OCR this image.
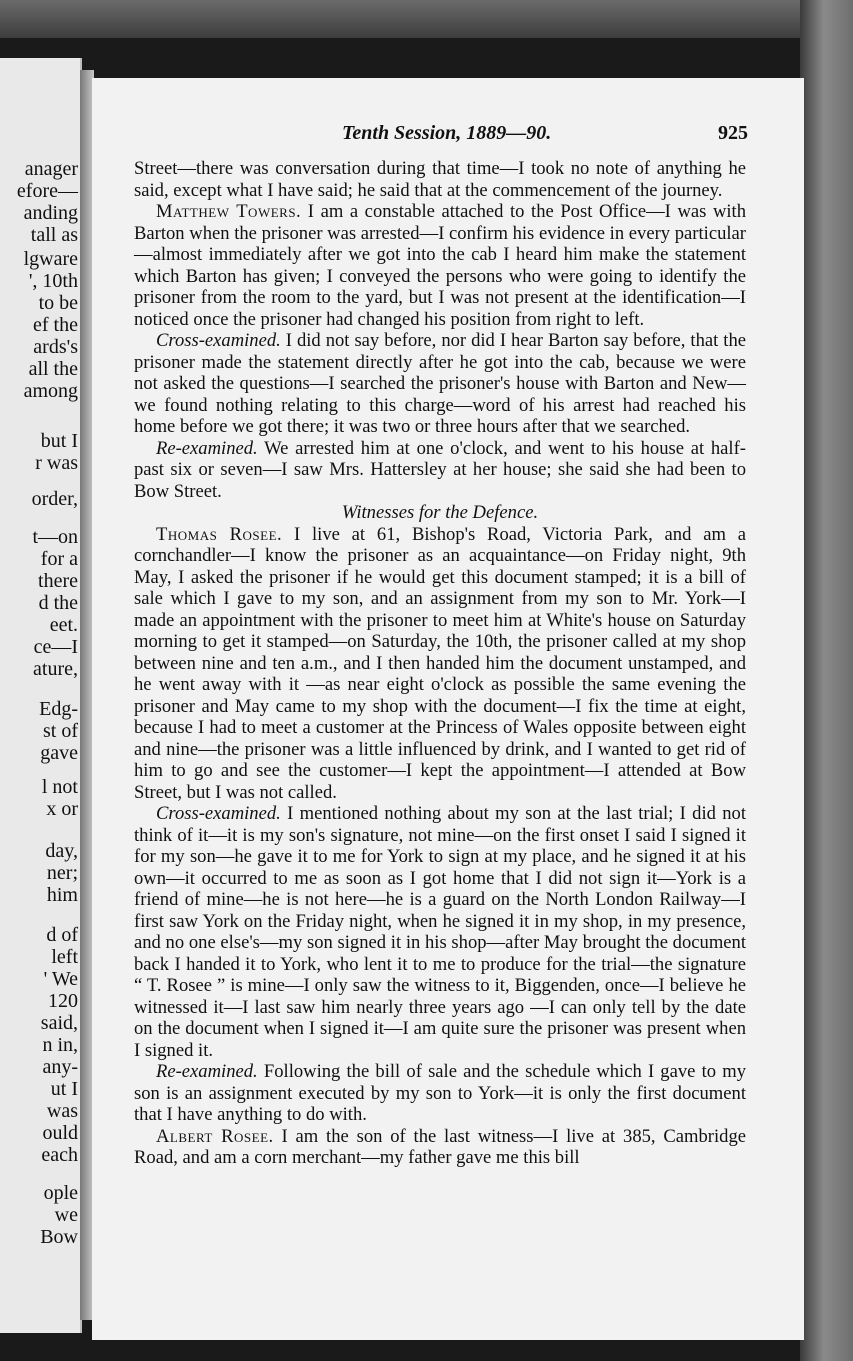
anager
efore—
anding
tall as
lgware
', 10th
to be
ef the
ards's
all the
among
but I
r was
order,
t—on
for a
there
d the
eet.
ce—I
ature,
Edg-
st of
gave
l not
x or
day,
ner;
him
d of
left
' We
120
said,
n in,
any-
ut I
was
ould
each
ople
we
Bow
Tenth Session, 1889—90.	925

Street—there was conversation during that time—I took no note of anything he said, except what I have said; he said that at the commencement of the journey.

Matthew Towers. I am a constable attached to the Post Office—I was with Barton when the prisoner was arrested—I confirm his evidence in every particular—almost immediately after we got into the cab I heard him make the statement which Barton has given; I conveyed the persons who were going to identify the prisoner from the room to the yard, but I was not present at the identification—I noticed once the prisoner had changed his position from right to left.

Cross-examined. I did not say before, nor did I hear Barton say before, that the prisoner made the statement directly after he got into the cab, because we were not asked the questions—I searched the prisoner's house with Barton and New—we found nothing relating to this charge—word of his arrest had reached his home before we got there; it was two or three hours after that we searched.

Re-examined. We arrested him at one o'clock, and went to his house at half-past six or seven—I saw Mrs. Hattersley at her house; she said she had been to Bow Street.

Witnesses for the Defence.

Thomas Rosee. I live at 61, Bishop's Road, Victoria Park, and am a cornchandler—I know the prisoner as an acquaintance—on Friday night, 9th May, I asked the prisoner if he would get this document stamped; it is a bill of sale which I gave to my son, and an assignment from my son to Mr. York—I made an appointment with the prisoner to meet him at White's house on Saturday morning to get it stamped—on Saturday, the 10th, the prisoner called at my shop between nine and ten a.m., and I then handed him the document unstamped, and he went away with it —as near eight o'clock as possible the same evening the prisoner and May came to my shop with the document—I fix the time at eight, because I had to meet a customer at the Princess of Wales opposite between eight and nine—the prisoner was a little influenced by drink, and I wanted to get rid of him to go and see the customer—I kept the appointment—I attended at Bow Street, but I was not called.

Cross-examined. I mentioned nothing about my son at the last trial; I did not think of it—it is my son's signature, not mine—on the first onset I said I signed it for my son—he gave it to me for York to sign at my place, and he signed it at his own—it occurred to me as soon as I got home that I did not sign it—York is a friend of mine—he is not here—he is a guard on the North London Railway—I first saw York on the Friday night, when he signed it in my shop, in my presence, and no one else's—my son signed it in his shop—after May brought the document back I handed it to York, who lent it to me to produce for the trial—the signature “ T. Rosee ” is mine—I only saw the witness to it, Biggenden, once—I believe he witnessed it—I last saw him nearly three years ago —I can only tell by the date on the document when I signed it—I am quite sure the prisoner was present when I signed it.

Re-examined. Following the bill of sale and the schedule which I gave to my son is an assignment executed by my son to York—it is only the first document that I have anything to do with.

Albert Rosee. I am the son of the last witness—I live at 385, Cambridge Road, and am a corn merchant—my father gave me this bill
